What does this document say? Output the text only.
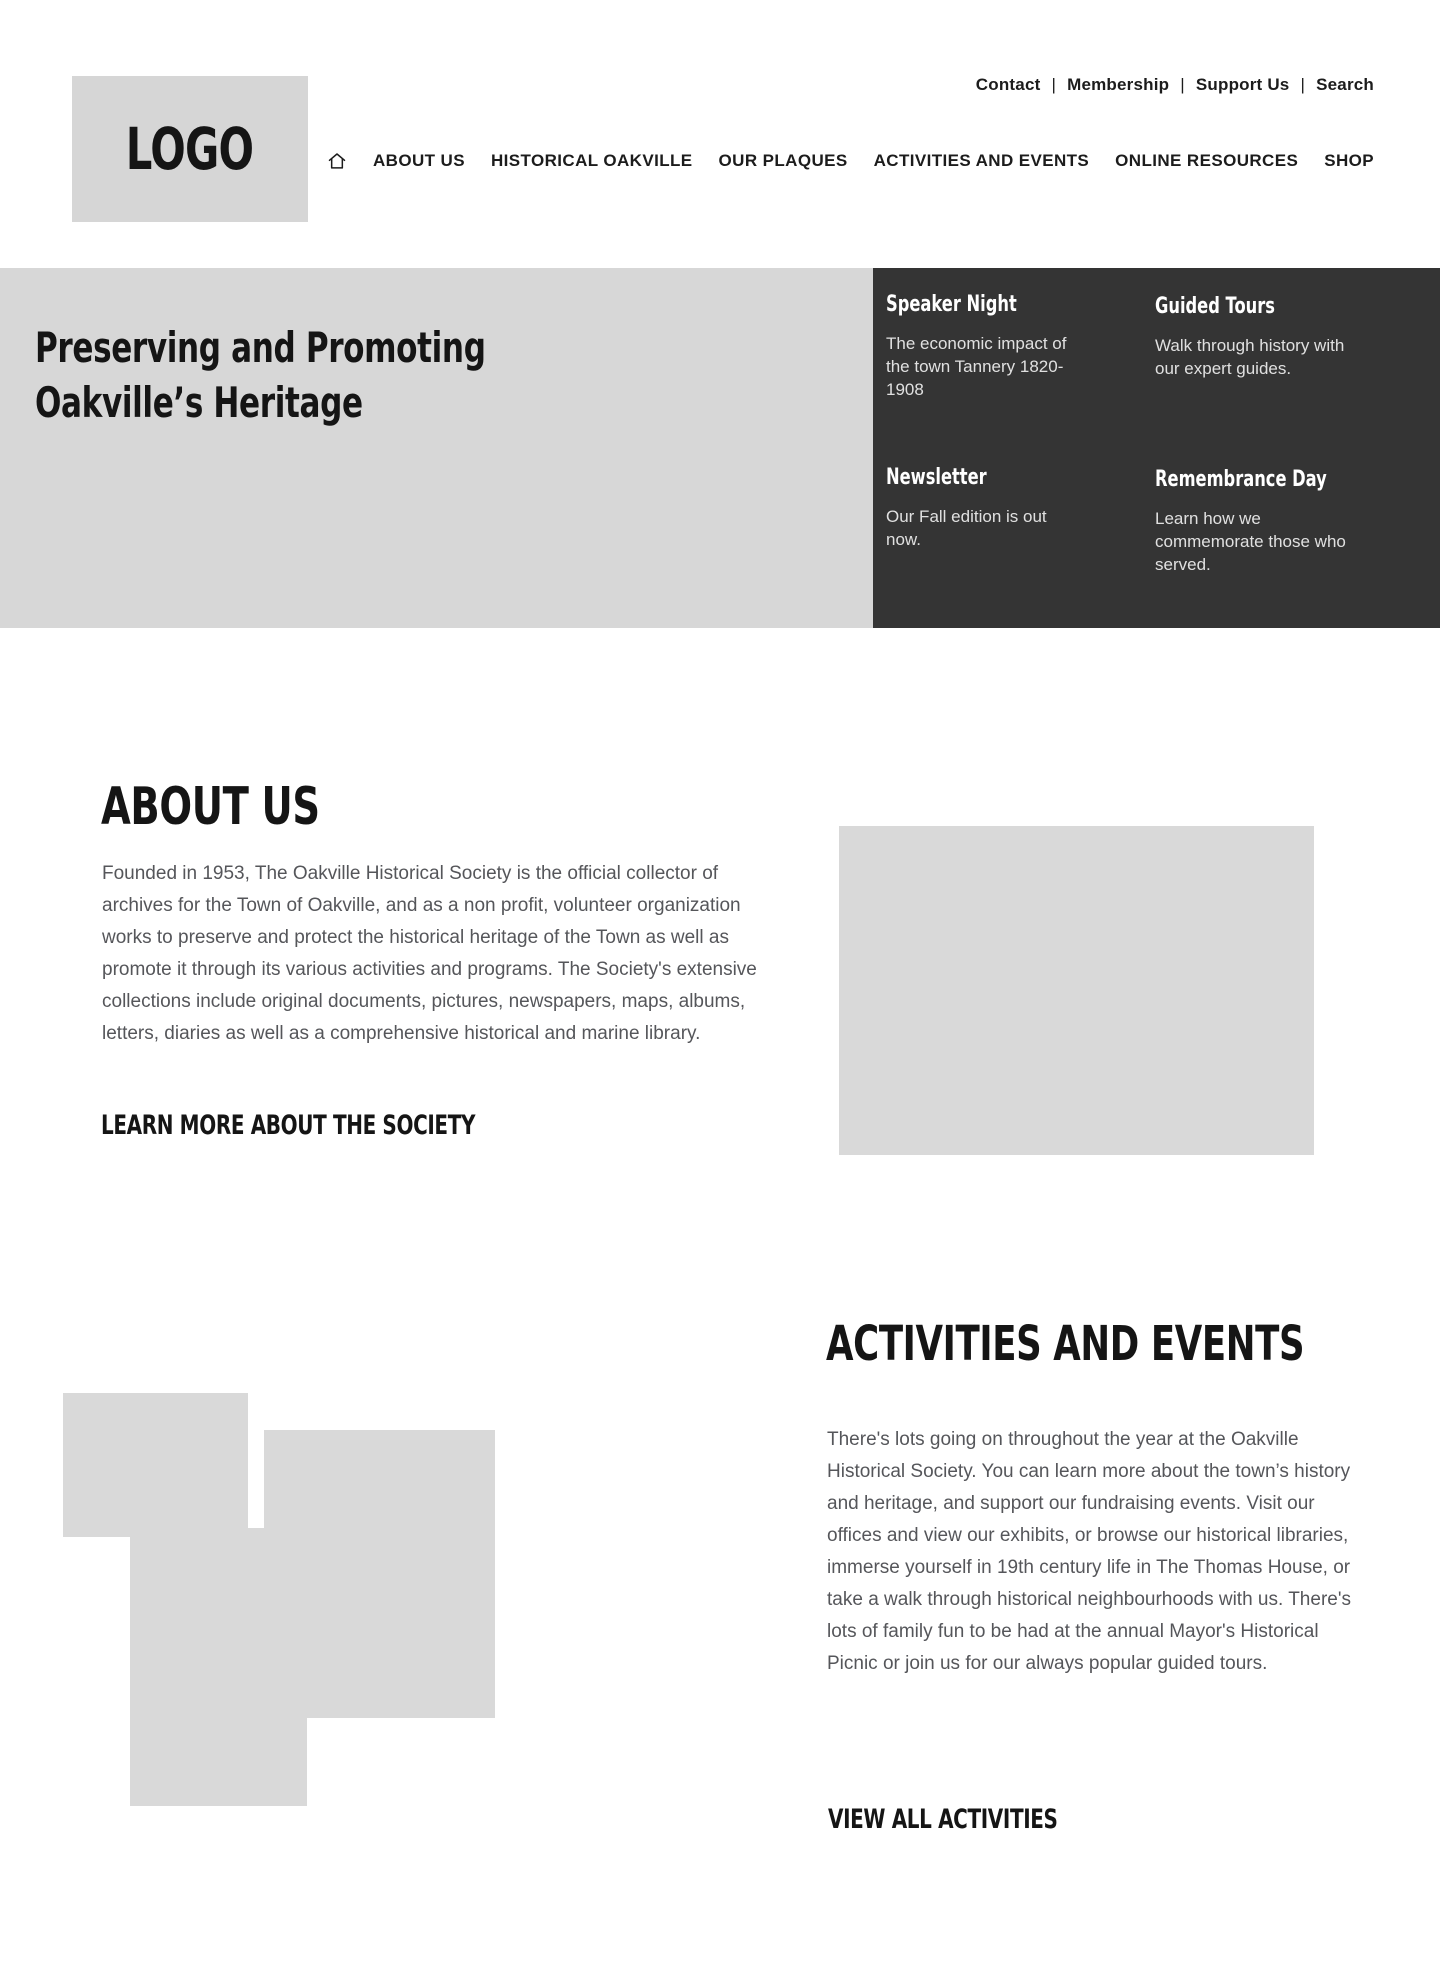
LOGO
Contact | Membership | Support Us | Search
ABOUT US HISTORICAL OAKVILLE OUR PLAQUES ACTIVITIES AND EVENTS ONLINE RESOURCES SHOP
Preserving and Promoting
Oakville’s Heritage
Speaker Night
The economic impact of the town Tannery 1820-1908
Guided Tours
Walk through history with our expert guides.
Newsletter
Our Fall edition is out now.
Remembrance Day
Learn how we commemorate those who served.
ABOUT US

Founded in 1953, The Oakville Historical Society is the official collector of archives for the Town of Oakville, and as a non profit, volunteer organization works to preserve and protect the historical heritage of the Town as well as promote it through its various activities and programs. The Society's extensive collections include original documents, pictures, newspapers, maps, albums, letters, diaries as well as a comprehensive historical and marine library.

LEARN MORE ABOUT THE SOCIETY
ACTIVITIES AND EVENTS

There's lots going on throughout the year at the Oakville Historical Society. You can learn more about the town’s history and heritage, and support our fundraising events. Visit our offices and view our exhibits, or browse our historical libraries, immerse yourself in 19th century life in The Thomas House, or take a walk through historical neighbourhoods with us. There's lots of family fun to be had at the annual Mayor's Historical Picnic or join us for our always popular guided tours.

VIEW ALL ACTIVITIES
